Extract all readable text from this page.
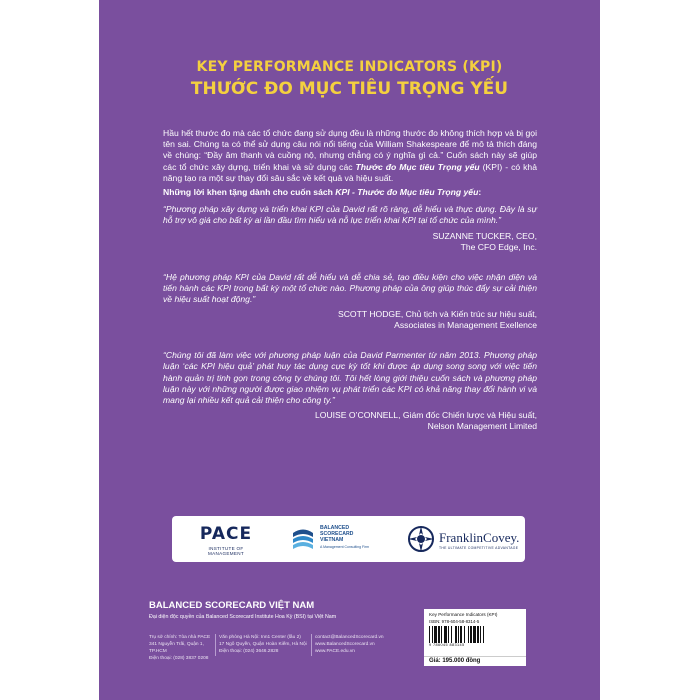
KEY PERFORMANCE INDICATORS (KPI)
THƯỚC ĐO MỤC TIÊU TRỌNG YẾU

Hầu hết thước đo mà các tổ chức đang sử dụng đều là những thước đo không thích hợp và bị gọi tên sai. Chúng ta có thể sử dụng câu nói nổi tiếng của William Shakespeare để mô tả thích đáng về chúng: “Đầy âm thanh và cuồng nộ, nhưng chẳng có ý nghĩa gì cả.” Cuốn sách này sẽ giúp các tổ chức xây dựng, triển khai và sử dụng các Thước đo Mục tiêu Trọng yếu (KPI) - có khả năng tạo ra một sự thay đổi sâu sắc về kết quả và hiệu suất.

Những lời khen tặng dành cho cuốn sách KPI - Thước đo Mục tiêu Trọng yếu:

“Phương pháp xây dựng và triển khai KPI của David rất rõ ràng, dễ hiểu và thực dụng. Đây là sự hỗ trợ vô giá cho bất kỳ ai lần đầu tìm hiểu và nỗ lực triển khai KPI tại tổ chức của mình.”

SUZANNE TUCKER, CEO,
The CFO Edge, Inc.

“Hệ phương pháp KPI của David rất dễ hiểu và dễ chia sẻ, tạo điều kiện cho việc nhận diện và tiến hành các KPI trong bất kỳ một tổ chức nào. Phương pháp của ông giúp thúc đẩy sự cải thiện về hiệu suất hoạt động.”

SCOTT HODGE, Chủ tịch và Kiến trúc sư hiệu suất,
Associates in Management Exellence

“Chúng tôi đã làm việc với phương pháp luận của David Parmenter từ năm 2013. Phương pháp luận ‘các KPI hiệu quả’ phát huy tác dụng cực kỳ tốt khi được áp dụng song song với việc tiến hành quản trị tinh gọn trong công ty chúng tôi. Tôi hết lòng giới thiệu cuốn sách và phương pháp luận này với những người được giao nhiệm vụ phát triển các KPI có khả năng thay đổi hành vi và mang lại nhiều kết quả cải thiện cho công ty.”

LOUISE O’CONNELL, Giám đốc Chiến lược và Hiệu suất,
Nelson Management Limited
PACE
INSTITUTE OF MANAGEMENT
BALANCED
SCORECARD
VIETNAM
A Management Consulting Firm
FranklinCovey.
THE ULTIMATE COMPETITIVE ADVANTAGE
BALANCED SCORECARD VIỆT NAM
Đại diện độc quyền của Balanced Scorecard Institute Hoa Kỳ (BSI) tại Việt Nam
Trụ sở chính: Tòa nhà PACE
341 Nguyễn Trãi, Quận 1, TP.HCM
Điện thoại: (028) 3837 0208
Văn phòng Hà Nội: Inn1 Center (lầu 2)
17 Ngô Quyền, Quận Hoàn Kiếm, Hà Nội
Điện thoại: (024) 3646.2828
contact@BalancedScorecard.vn
www.BalancedScorecard.vn
www.PACE.edu.vn
Key Performance Indicators (KPI)
ISBN: 978-604-58-8314-5
9 786045 883145
Giá: 195.000 đồng
